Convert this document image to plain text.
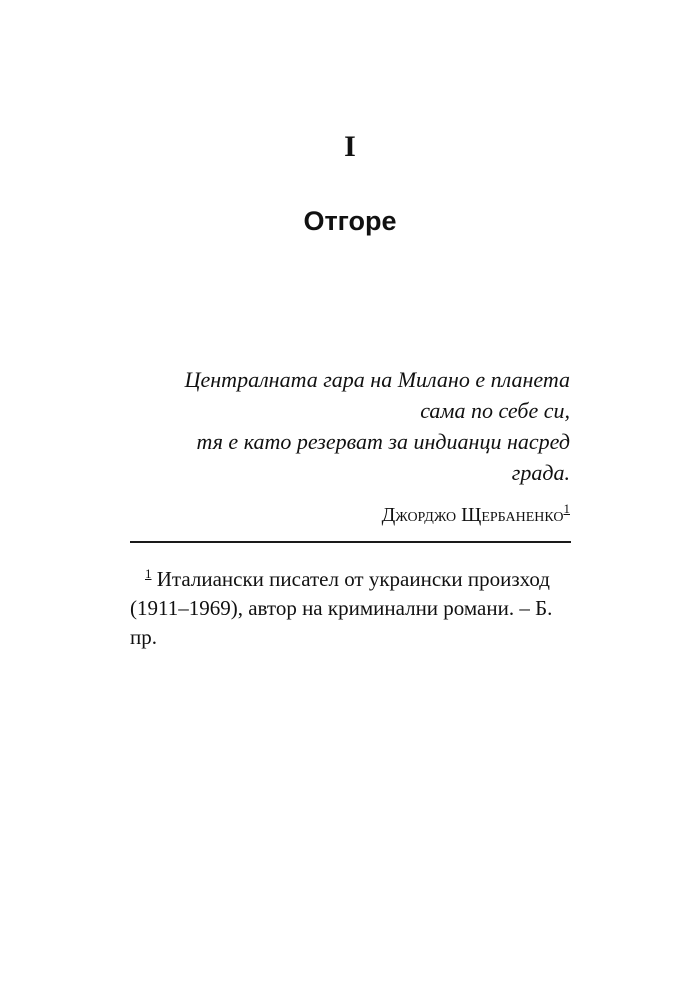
I
Отгоре
Централната гара на Милано е планета
сама по себе си,
тя е като резерват за индианци насред
града.
Джорджо Щербаненко$^1$
$^1$ Италиански писател от украински произход (1911–1969), автор на криминални романи. – Б. пр.
